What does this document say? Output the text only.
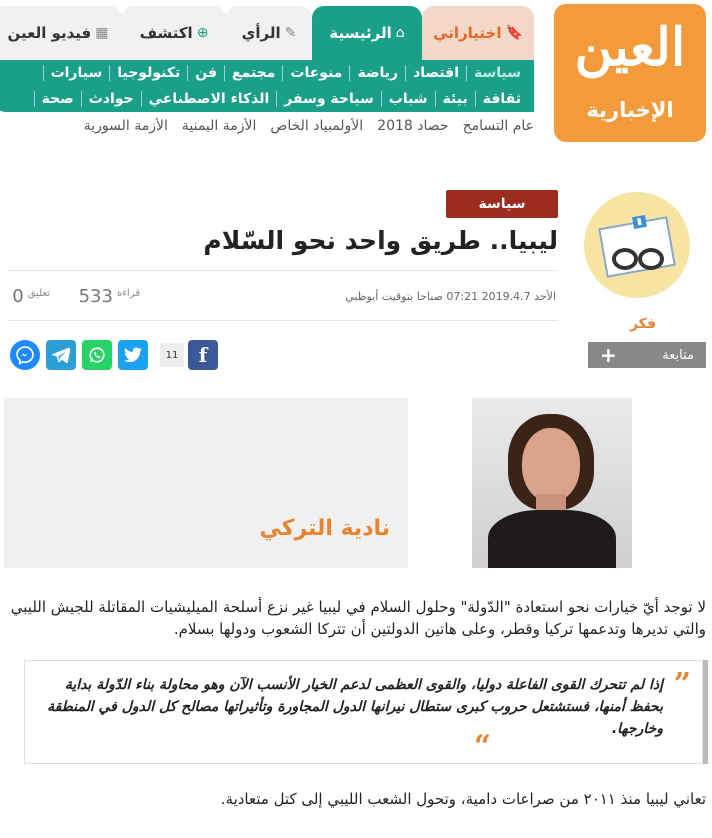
العين
الإخبارية
🔖
اختياراتي
⌂
الرئيسية
✎
الرأي
⊕
اكتشف
▦
فيديو العين
سياسة
اقتصاد
رياضة
منوعات
مجتمع
فن
تكنولوجيا
سيارات
ثقافة
بيئة
شباب
سياحة وسفر
الذكاء الاصطناعي
حوادث
صحة
عام التسامح
حصاد 2018
الأولمبياد الخاص
الأزمة اليمنية
الأزمة السورية
▮
فكر
متابعة
+
سياسة
ليبيا.. طريق واحد نحو السّلام
الأحد 2019.4.7 07:21 صباحا بتوقيت أبوظبي
قراءة
533
تعليق
0
f
11
نادية التركي

لا توجد أيّ خيارات نحو استعادة "الدّولة" وحلول السلام في ليبيا غير نزع أسلحة الميليشيات المقاتلة للجيش الليبي والتي تديرها وتدعمها تركيا وقطر، وعلى هاتين الدولتين أن تتركا الشعوب ودولها بسلام.

”

إذا لم تتحرك القوى الفاعلة دوليا، والقوى العظمى لدعم الخيار الأنسب الآن وهو محاولة بناء الدّولة بداية بحفظ أمنها، فستشتعل حروب كبرى ستطال نيرانها الدول المجاورة وتأثيراتها مصالح كل الدول في المنطقة وخارجها.

“

تعاني ليبيا منذ ٢٠١١ من صراعات دامية، وتحول الشعب الليبي إلى كتل متعادية.
